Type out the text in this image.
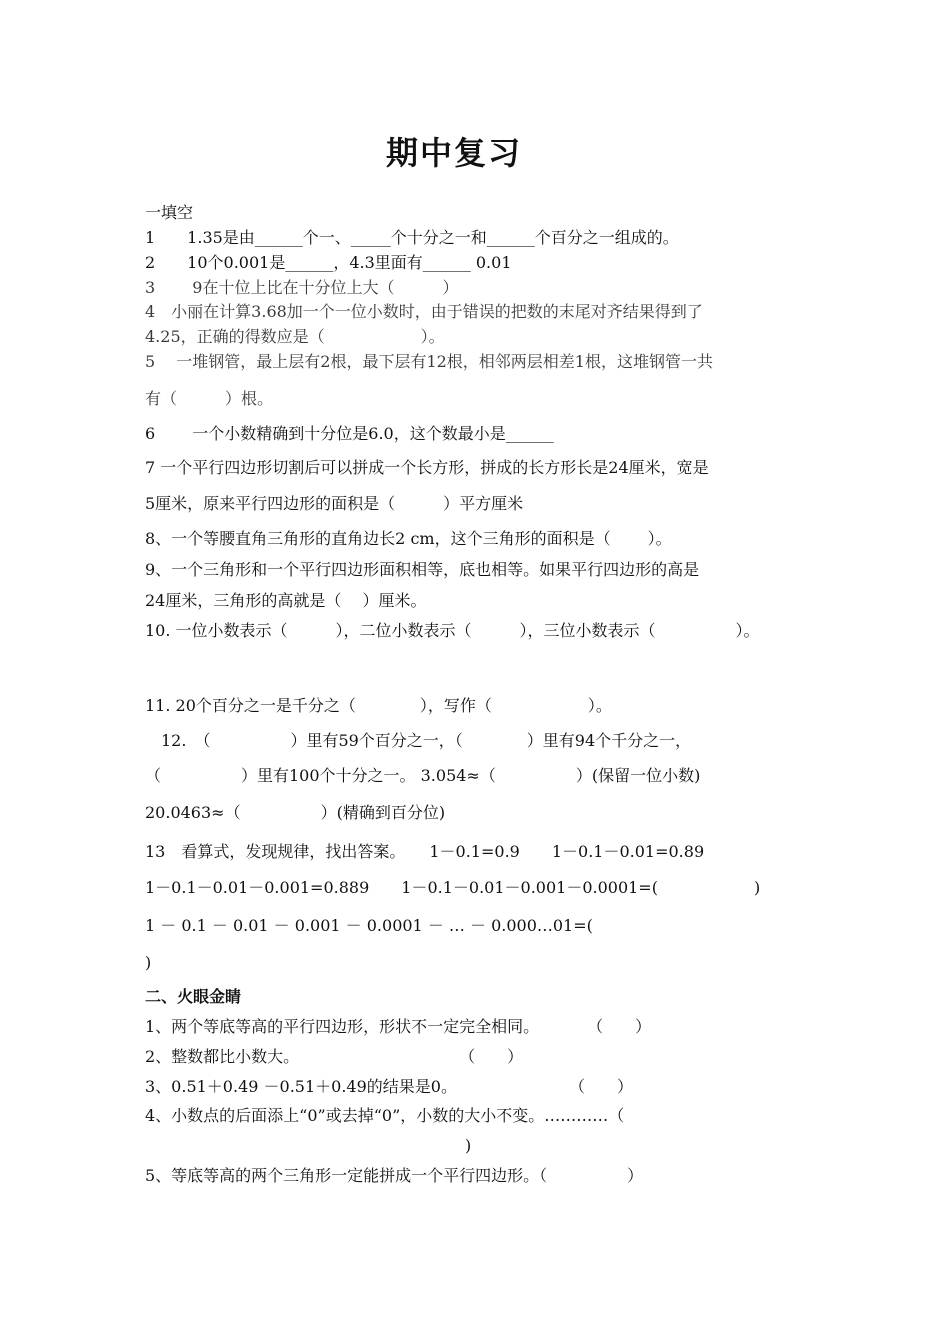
期中复习
一填空
1　　1.35是由______个一、_____个十分之一和______个百分之一组成的。
2　　10个0.001是______，4.3里面有______ 0.01
3　　 9在十位上比在十分位上大（　　　）
4　小丽在计算3.68加一个一位小数时，由于错误的把数的末尾对齐结果得到了
4.25，正确的得数应是（　　　　　　）。
5　 一堆钢管，最上层有2根，最下层有12根，相邻两层相差1根，这堆钢管一共
有（　　　）根。
6　　 一个小数精确到十分位是6.0，这个数最小是______
7 一个平行四边形切割后可以拼成一个长方形，拼成的长方形长是24厘米，宽是
5厘米，原来平行四边形的面积是（　　　）平方厘米
8、一个等腰直角三角形的直角边长2 cm，这个三角形的面积是（　　 ）。
9、一个三角形和一个平行四边形面积相等，底也相等。如果平行四边形的高是
24厘米，三角形的高就是（　 ）厘米。
10. 一位小数表示（　　　），二位小数表示（　　　），三位小数表示（　　　　　）。
11. 20个百分之一是千分之（　　　　），写作（　　　　　　）。
　12.　（　　　　　）里有59个百分之一，（　　　　）里有94个千分之一，
（　　　　　）里有100个十分之一。 3.054≈（　　　　　）(保留一位小数)
20.0463≈（　　　　　）(精确到百分位)
13　看算式，发现规律，找出答案。　　1－0.1=0.9　　1－0.1－0.01=0.89
1－0.1－0.01－0.001=0.889　　1－0.1－0.01－0.001－0.0001=(　　　　　　)
1 － 0.1 － 0.01 － 0.001 － 0.0001 － … － 0.000…01=(
)
二、火眼金睛
1、两个等底等高的平行四边形，形状不一定完全相同。　　　　（　　）
2、整数都比小数大。　　　　　　　　　　　（　　）
3、0.51＋0.49 －0.51＋0.49的结果是0。　　　　　　　　（　　）
4、小数点的后面添上“0”或去掉“0”，小数的大小不变。…………（
　　　　　　　　　　　　　　　　　　　　)
5、等底等高的两个三角形一定能拼成一个平行四边形。（　　　　　）
